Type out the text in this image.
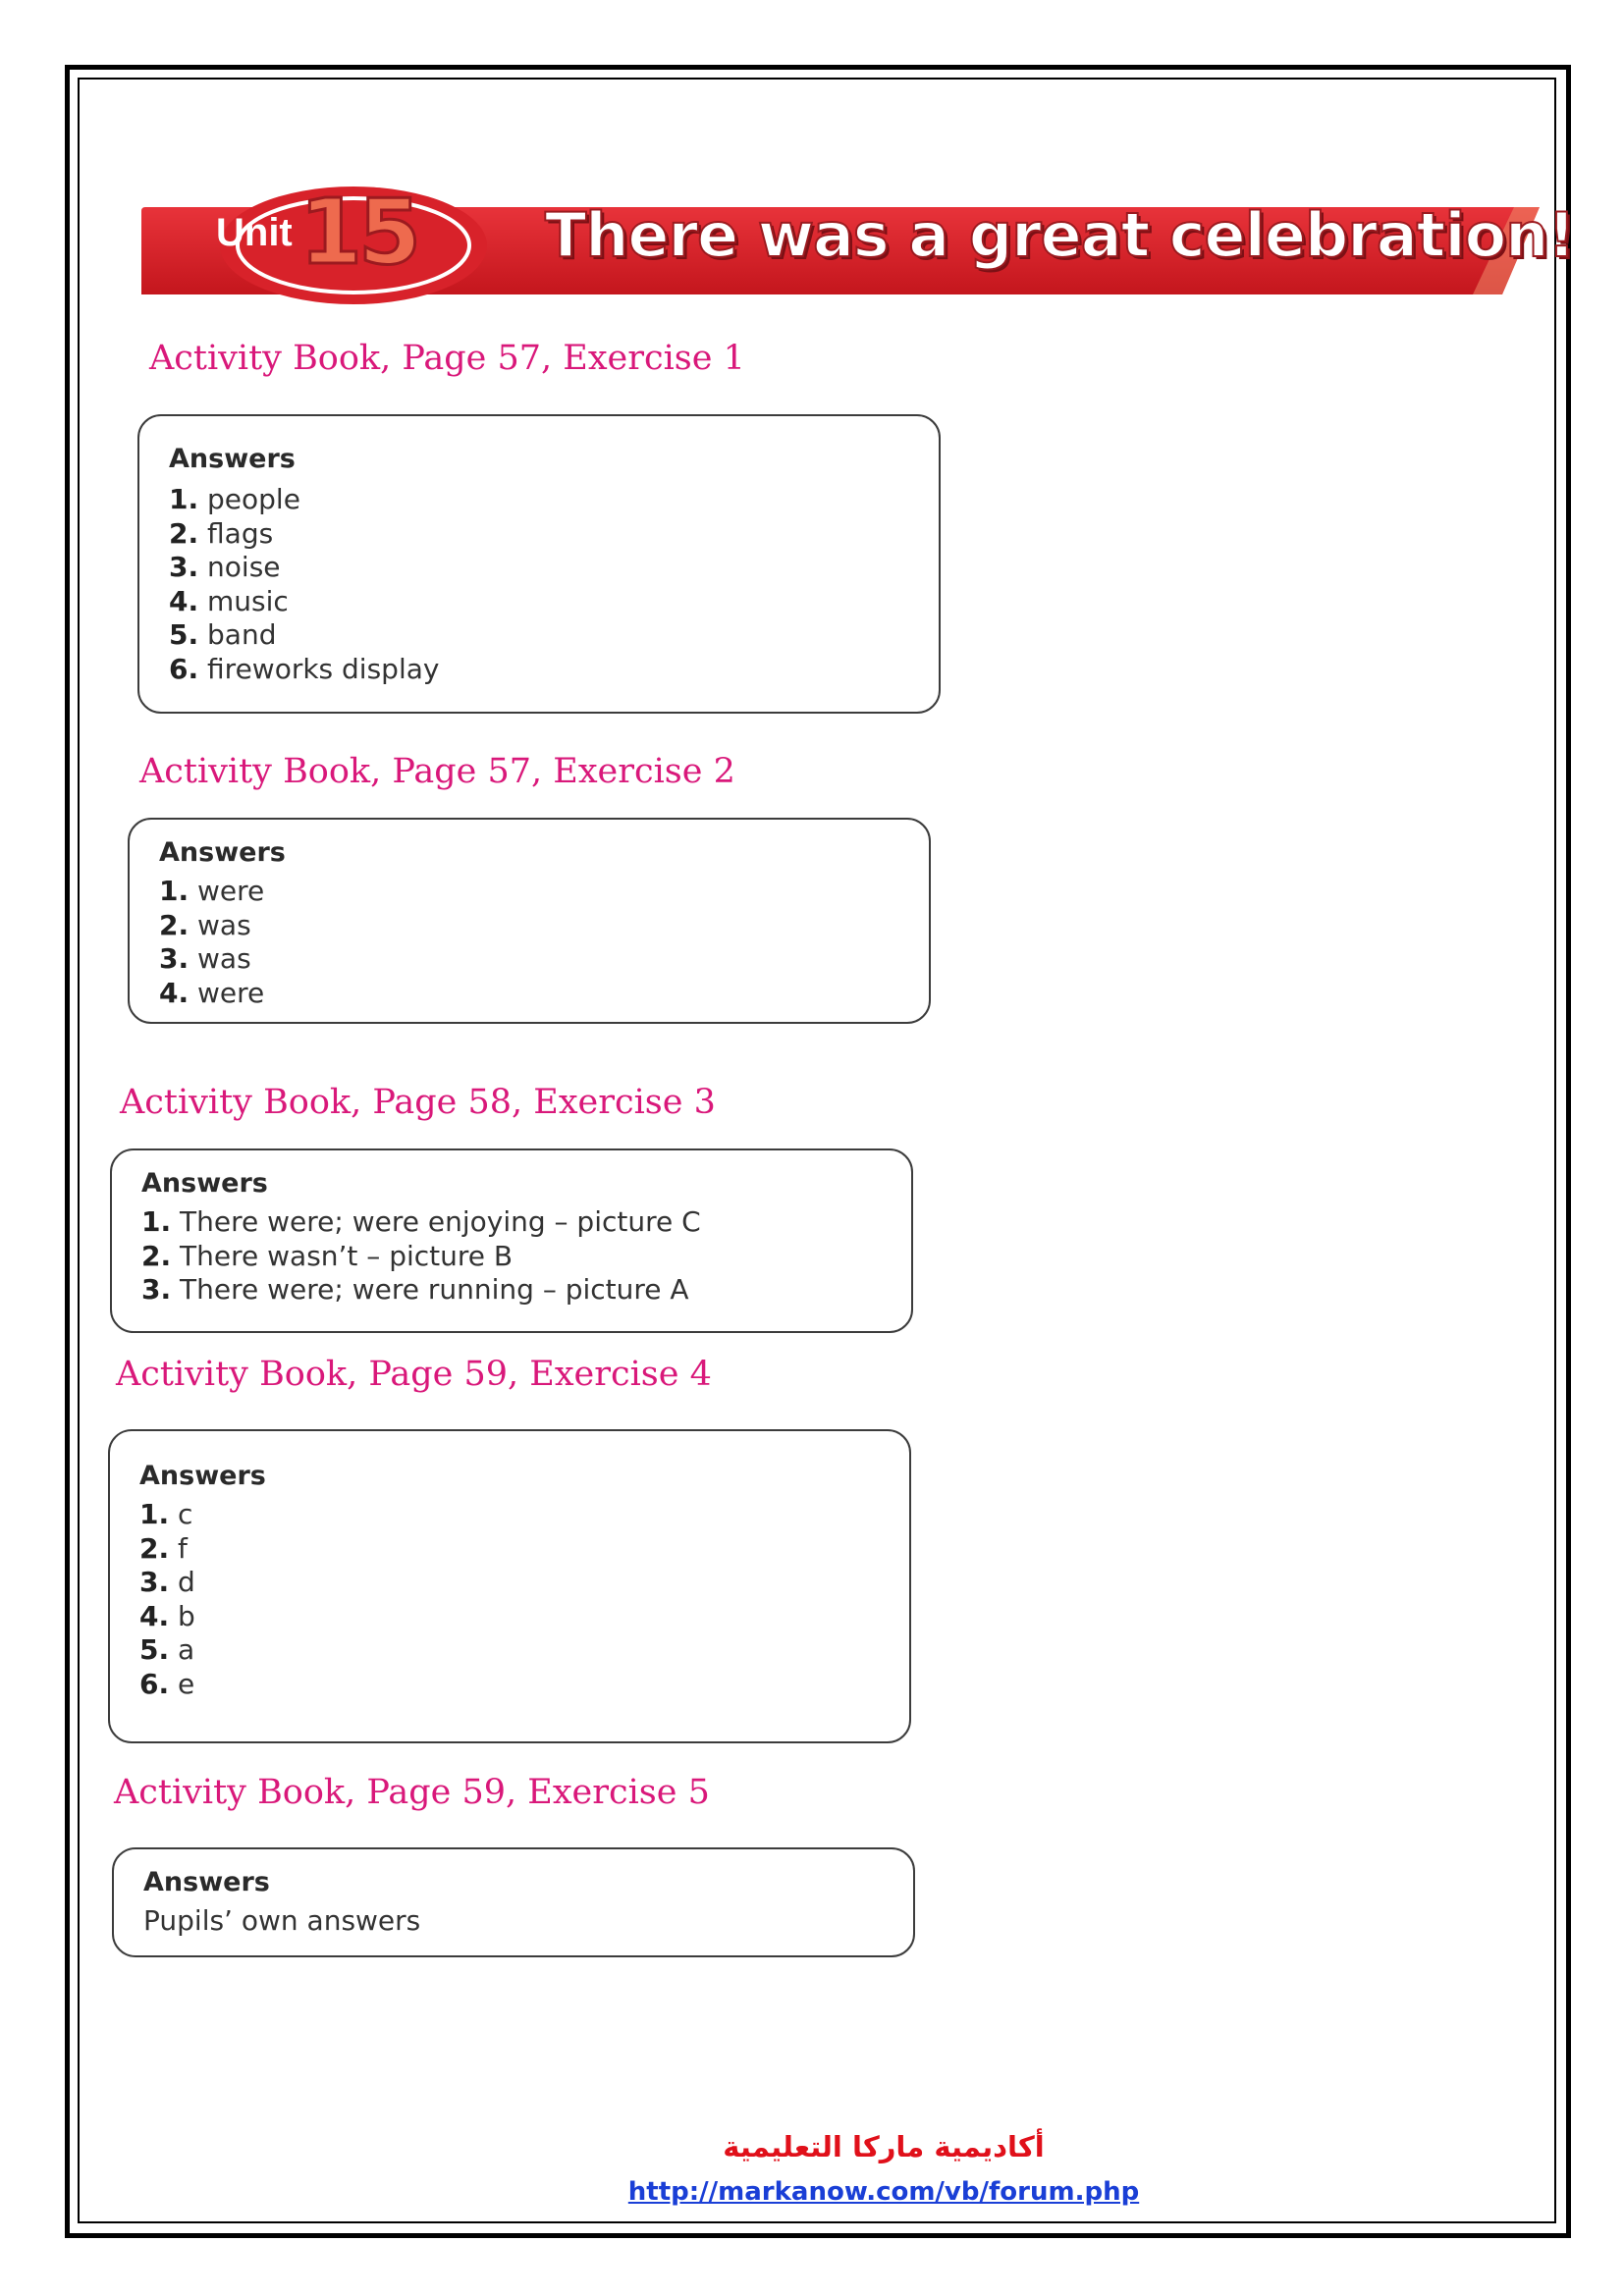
Unit 15 There was a great celebration!
Activity Book, Page 57, Exercise 1
Answers
1. people
2. flags
3. noise
4. music
5. band
6. fireworks display
Activity Book, Page 57, Exercise 2
Answers
1. were
2. was
3. was
4. were
Activity Book, Page 58, Exercise 3
Answers
1. There were; were enjoying – picture C
2. There wasn’t – picture B
3. There were; were running – picture A
Activity Book, Page 59, Exercise 4
Answers
1. c
2. f
3. d
4. b
5. a
6. e
Activity Book, Page 59, Exercise 5
Answers
Pupils’ own answers
أكاديمية ماركا التعليمية
http://markanow.com/vb/forum.php
